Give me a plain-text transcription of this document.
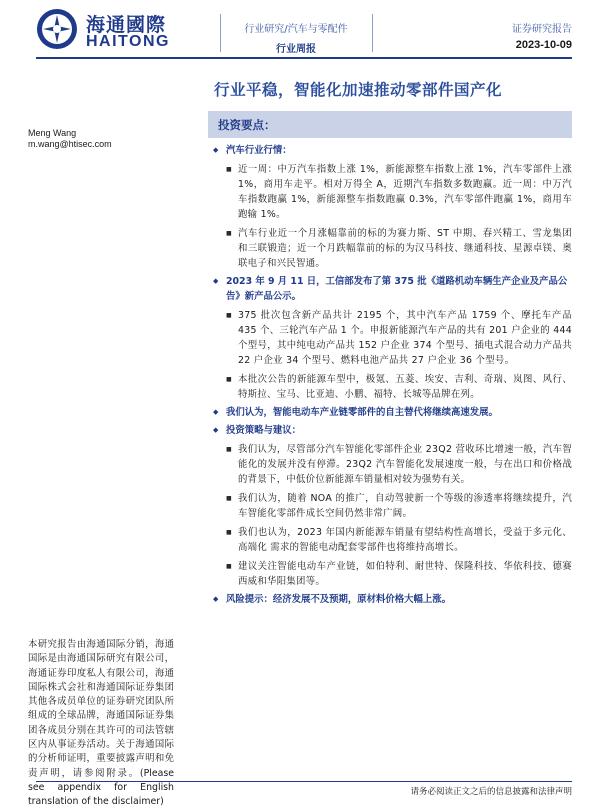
海通國際
HAITONG
行业研究/汽车与零配件
行业周报
证券研究报告
2023-10-09
行业平稳，智能化加速推动零部件国产化
Meng Wang
m.wang@htisec.com
投资要点：
◆ 汽车行业行情：
■ 近一周：中万汽车指数上涨 1%，新能源整车指数上涨 1%，汽车零部件上涨 1%，商用车走平。相对万得全 A，近期汽车指数多数跑赢。近一周：中万汽车指数跑赢 1%，新能源整车指数跑赢 0.3%，汽车零部件跑赢 1%，商用车跑输 1%。
■ 汽车行业近一个月涨幅靠前的标的为赛力斯、ST 中期、春兴精工、雪龙集团和三联锻造；近一个月跌幅靠前的标的为汉马科技、继通科技、星源卓镁、奥联电子和兴民智通。
◆ 2023 年 9 月 11 日，工信部发布了第 375 批《道路机动车辆生产企业及产品公告》新产品公示。
■ 375 批次包含新产品共计 2195 个，其中汽车产品 1759 个、摩托车产品 435 个、三轮汽车产品 1 个。申报新能源汽车产品的共有 201 户企业的 444 个型号，其中纯电动产品共 152 户企业 374 个型号、插电式混合动力产品共 22 户企业 34 个型号、燃料电池产品共 27 户企业 36 个型号。
■ 本批次公告的新能源车型中，极氪、五菱、埃安、吉利、奇瑞、岚图、风行、特斯拉、宝马、比亚迪、小鹏、福特、长城等品牌在列。
◆ 我们认为，智能电动车产业链零部件的自主替代将继续高速发展。
◆ 投资策略与建议：
■ 我们认为，尽管部分汽车智能化零部件企业 23Q2 营收环比增速一般，汽车智能化的发展并没有停滞。23Q2 汽车智能化发展速度一般，与在出口和价格战的背景下，中低价位新能源车销量相对较为强势有关。
■ 我们认为，随着 NOA 的推广，自动驾驶新一个等级的渗透率将继续提升，汽车智能化零部件成长空间仍然非常广阔。
■ 我们也认为，2023 年国内新能源车销量有望结构性高增长，受益于多元化、高端化 需求的智能电动配套零部件也将维持高增长。
■ 建议关注智能电动车产业链，如伯特利、耐世特、保隆科技、华依科技、德赛西威和华阳集团等。
◆ 风险提示：经济发展不及预期，原材料价格大幅上涨。
本研究报告由海通国际分销，海通国际是由海通国际研究有限公司，海通证券印度私人有限公司，海通国际株式会社和海通国际证券集团其他各成员单位的证券研究团队所组成的全球品牌，海通国际证券集团各成员分别在其许可的司法管辖区内从事证券活动。关于海通国际的分析师证明，重要披露声明和免责声明，请参阅附录。(Please see appendix for English translation of the disclaimer)
请务必阅读正文之后的信息披露和法律声明
